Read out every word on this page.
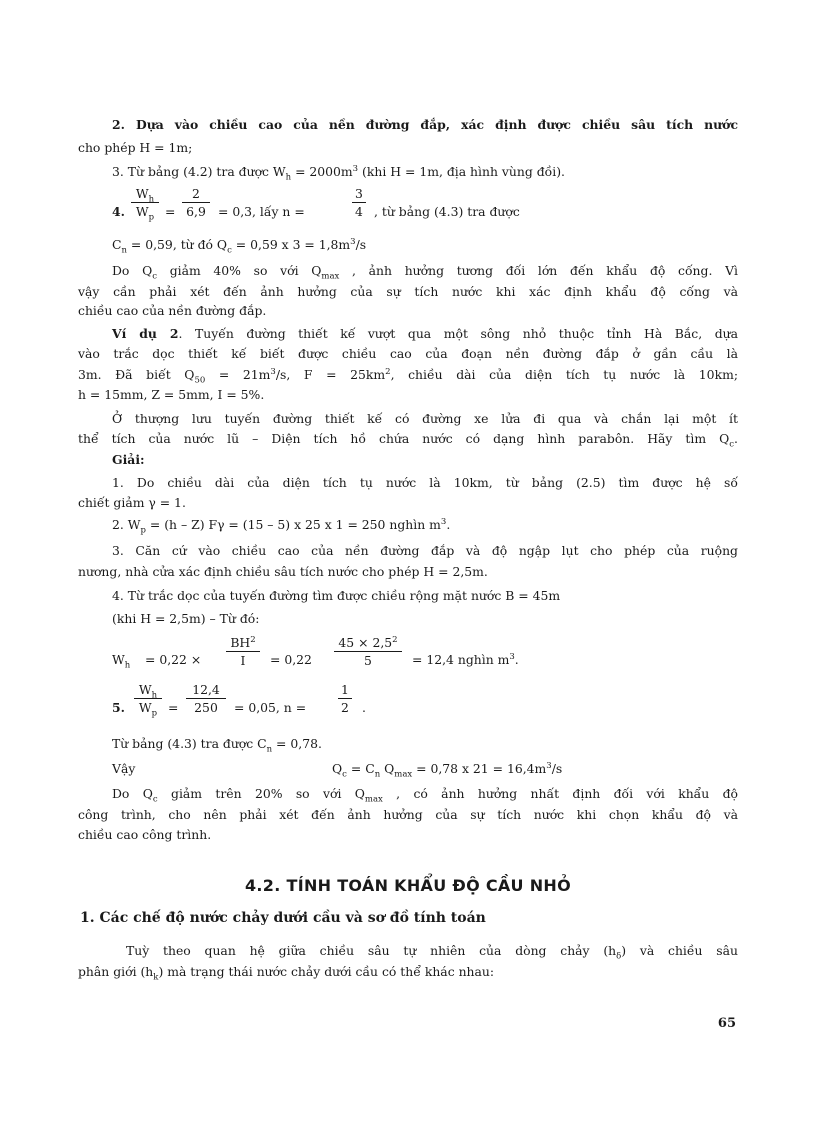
2. Dựa vào chiều cao của nền đường đắp, xác định được chiều sâu tích nước
cho phép H = 1m;
3. Từ bảng (4.2) tra được $W_h = 2000m^3$ (khi H = 1m, địa hình vùng đồi).
4. $\frac{W_h}{W_p} = \frac{2}{6,9} = 0,3$, lấy n =	$\frac{3}{4}$ , từ bảng (4.3) tra được
$C_n = 0,59$, từ đó $Q_c = 0,59$ x $3 = 1,8m^3/s$
Do $Q_c$ giảm 40% so với $Q_{max}$ , ảnh hưởng tương đối lớn đến khẩu độ cống. Vì
vậy cần phải xét đến ảnh hưởng của sự tích nước khi xác định khẩu độ cống và
chiều cao của nền đường đắp.
Ví dụ 2. Tuyến đường thiết kế vượt qua một sông nhỏ thuộc tỉnh Hà Bắc, dựa
vào trắc dọc thiết kế biết được chiều cao của đoạn nền đường đắp ở gần cầu là
3m. Đã biết $Q_{50} = 21m^3/s$, $F = 25km^2$, chiều dài của diện tích tụ nước là 10km;
h = 15mm, Z = 5mm, I = 5%.
Ở thượng lưu tuyến đường thiết kế có đường xe lửa đi qua và chắn lại một ít
thể tích của nước lũ – Diện tích hồ chứa nước có dạng hình parabôn. Hãy tìm $Q_c$.
Giải:
1. Do chiều dài của diện tích tụ nước là 10km, từ bảng (2.5) tìm được hệ số
chiết giảm γ = 1.
2. $W_p = (h - Z) F\gamma = (15 - 5)$ x 25 x 1 = 250 nghìn $m^3$.
3. Căn cứ vào chiều cao của nền đường đắp và độ ngập lụt cho phép của ruộng
nương, nhà cửa xác định chiều sâu tích nước cho phép H = 2,5m.
4. Từ trắc dọc của tuyến đường tìm được chiều rộng mặt nước B = 45m
(khi H = 2,5m) – Từ đó:
$W_h = 0,22 \times \frac{BH^2}{I} = 0,22 \frac{45 \times 2,5^2}{5} = 12,4$ nghìn $m^3$.
5. $\frac{W_h}{W_p} = \frac{12,4}{250} = 0,05$, n =	$\frac{1}{2}$ .
Từ bảng (4.3) tra được $C_n = 0,78$.
Vậy	$Q_c = C_n$ $Q_{max} = 0,78$ x $21 = 16,4m^3/s$
Do $Q_c$ giảm trên 20% so với $Q_{max}$ , có ảnh hưởng nhất định đối với khẩu độ
công trình, cho nên phải xét đến ảnh hưởng của sự tích nước khi chọn khẩu độ và
chiều cao công trình.
4.2. TÍNH TOÁN KHẨU ĐỘ CẦU NHỎ
1. Các chế độ nước chảy dưới cầu và sơ đồ tính toán
Tuỳ theo quan hệ giữa chiều sâu tự nhiên của dòng chảy $(h_\delta)$ và chiều sâu
phân giới $(h_k)$ mà trạng thái nước chảy dưới cầu có thể khác nhau:
65
